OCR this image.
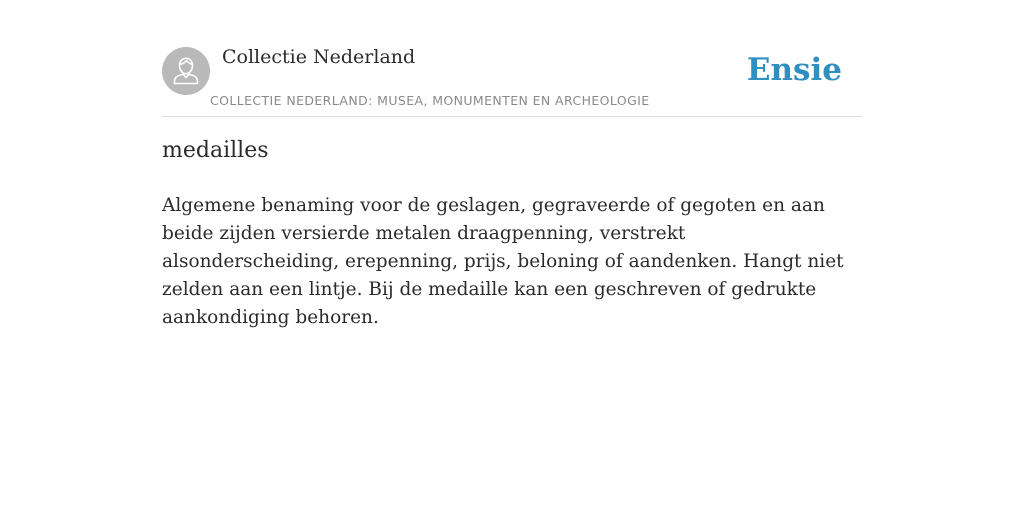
Collectie Nederland
COLLECTIE NEDERLAND: MUSEA, MONUMENTEN EN ARCHEOLOGIE
Ensie
medailles

Algemene benaming voor de geslagen, gegraveerde of gegoten en aan beide zijden versierde metalen draagpenning, verstrekt alsonderscheiding, erepenning, prijs, beloning of aandenken. Hangt niet zelden aan een lintje. Bij de medaille kan een geschreven of gedrukte aankondiging behoren.
